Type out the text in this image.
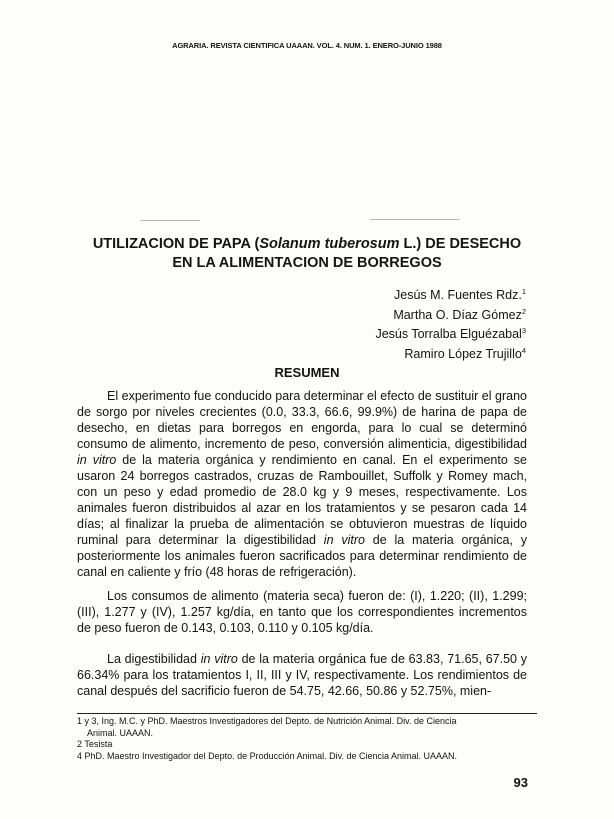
AGRARIA. REVISTA CIENTIFICA UAAAN. VOL. 4. NUM. 1. ENERO-JUNIO 1988
UTILIZACION DE PAPA (Solanum tuberosum L.) DE DESECHO
EN LA ALIMENTACION DE BORREGOS
Jesús M. Fuentes Rdz.$^1$
Martha O. Díaz Gómez$^2$
Jesús Torralba Elguézabal$^3$
Ramiro López Trujillo$^4$
RESUMEN

El experimento fue conducido para determinar el efecto de sustituir el grano de sorgo por niveles crecientes (0.0, 33.3, 66.6, 99.9%) de harina de papa de desecho, en dietas para borregos en engorda, para lo cual se determinó consumo de alimento, incremento de peso, conversión alimenticia, digestibilidad in vitro de la materia orgánica y rendimiento en canal. En el experimento se usaron 24 borregos castrados, cruzas de Rambouillet, Suffolk y Romey mach, con un peso y edad promedio de 28.0 kg y 9 meses, respectivamente. Los animales fueron distribuidos al azar en los tratamientos y se pesaron cada 14 días; al finalizar la prueba de alimentación se obtuvieron muestras de líquido ruminal para determinar la digestibilidad in vitro de la materia orgánica, y posteriormente los animales fueron sacrificados para determinar rendimiento de canal en caliente y frío (48 horas de refrigeración).

Los consumos de alimento (materia seca) fueron de: (I), 1.220; (II), 1.299; (III), 1.277 y (IV), 1.257 kg/día, en tanto que los correspondientes incrementos de peso fueron de 0.143, 0.103, 0.110 y 0.105 kg/día.

La digestibilidad in vitro de la materia orgánica fue de 63.83, 71.65, 67.50 y 66.34% para los tratamientos I, II, III y IV, respectivamente. Los rendimientos de canal después del sacrificio fueron de 54.75, 42.66, 50.86 y 52.75%, mien-

1 y 3, Ing. M.C. y PhD. Maestros Investigadores del Depto. de Nutrición Animal. Div. de Ciencia
Animal. UAAAN.
2 Tesista
4 PhD. Maestro Investigador del Depto. de Producción Animal. Div. de Ciencia Animal. UAAAN.
93
